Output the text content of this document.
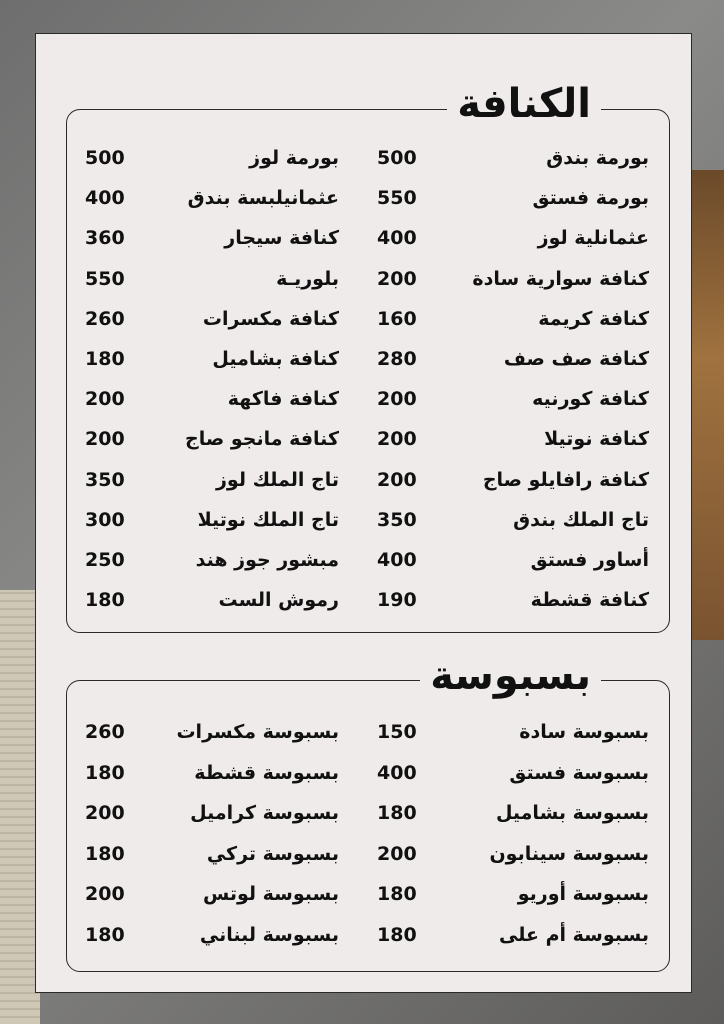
بورمة بندق
500
بورمة لوز
500
بورمة فستق
550
عثمانيلبسة بندق
400
عثمانلية لوز
400
كنافة سيجار
360
كنافة سوارية سادة
200
بلوريـة
550
كنافة كريمة
160
كنافة مكسرات
260
كنافة صف صف
280
كنافة بشاميل
180
كنافة كورنيه
200
كنافة فاكهة
200
كنافة نوتيلا
200
كنافة مانجو صاج
200
كنافة رافايلو صاج
200
تاج الملك لوز
350
تاج الملك بندق
350
تاج الملك نوتيلا
300
أساور فستق
400
مبشور جوز هند
250
كنافة قشطة
190
رموش الست
180
الكنافة
بسبوسة سادة
150
بسبوسة مكسرات
260
بسبوسة فستق
400
بسبوسة قشطة
180
بسبوسة بشاميل
180
بسبوسة كراميل
200
بسبوسة سينابون
200
بسبوسة تركي
180
بسبوسة أوريو
180
بسبوسة لوتس
200
بسبوسة أم على
180
بسبوسة لبناني
180
بسبوسة
